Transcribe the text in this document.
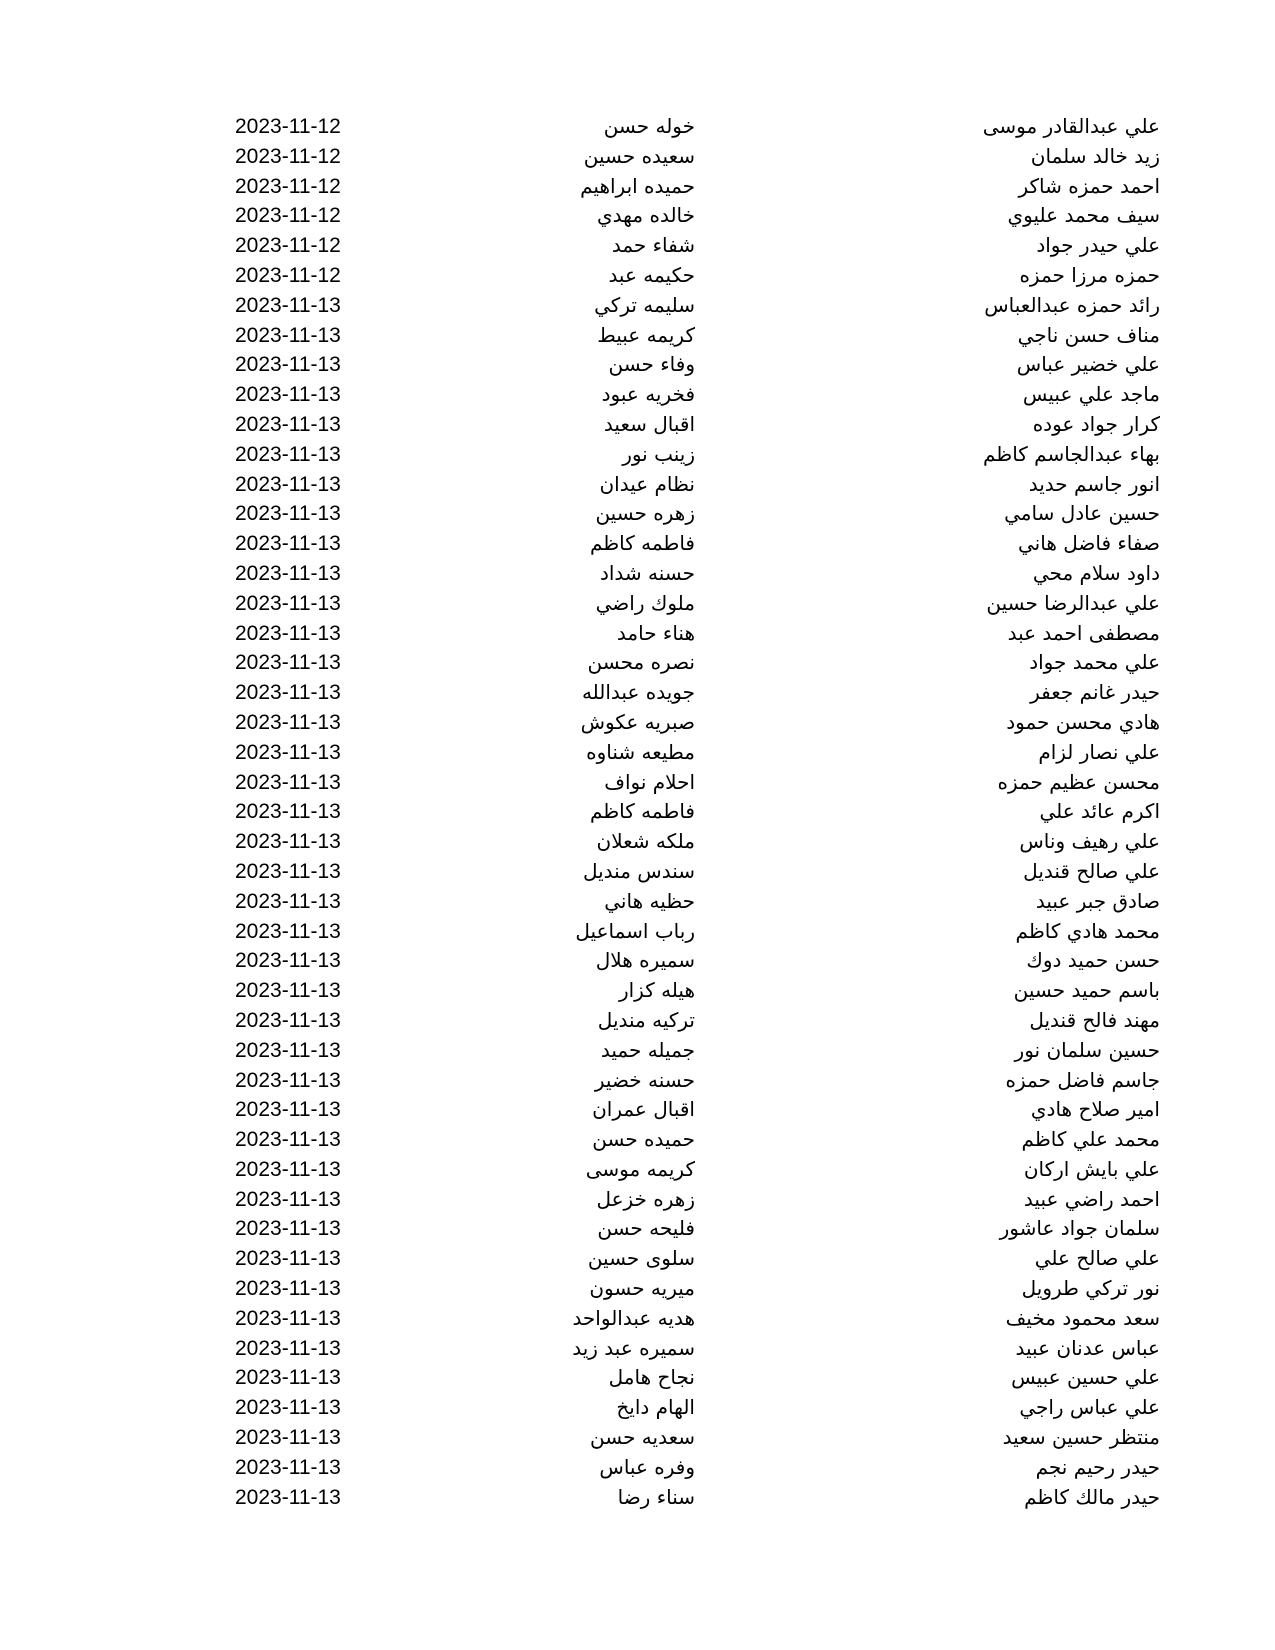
علي عبدالقادر موسى
خوله حسن
2023-11-12
زيد خالد سلمان
سعيده حسين
2023-11-12
احمد حمزه شاكر
حميده ابراهيم
2023-11-12
سيف محمد عليوي
خالده مهدي
2023-11-12
علي حيدر جواد
شفاء حمد
2023-11-12
حمزه مرزا حمزه
حكيمه عبد
2023-11-12
رائد حمزه عبدالعباس
سليمه تركي
2023-11-13
مناف حسن ناجي
كريمه عبيط
2023-11-13
علي خضير عباس
وفاء حسن
2023-11-13
ماجد علي عبيس
فخريه عبود
2023-11-13
كرار جواد عوده
اقبال سعيد
2023-11-13
بهاء عبدالجاسم كاظم
زينب نور
2023-11-13
انور جاسم حديد
نظام عيدان
2023-11-13
حسين عادل سامي
زهره حسين
2023-11-13
صفاء فاضل هاني
فاطمه كاظم
2023-11-13
داود سلام محي
حسنه شداد
2023-11-13
علي عبدالرضا حسين
ملوك راضي
2023-11-13
مصطفى احمد عبد
هناء حامد
2023-11-13
علي محمد جواد
نصره محسن
2023-11-13
حيدر غانم جعفر
جويده عبدالله
2023-11-13
هادي محسن حمود
صبريه عكوش
2023-11-13
علي نصار لزام
مطيعه شناوه
2023-11-13
محسن عظيم حمزه
احلام نواف
2023-11-13
اكرم عائد علي
فاطمه كاظم
2023-11-13
علي رهيف وناس
ملكه شعلان
2023-11-13
علي صالح قنديل
سندس منديل
2023-11-13
صادق جبر عبيد
حظيه هاني
2023-11-13
محمد هادي كاظم
رباب اسماعيل
2023-11-13
حسن حميد دوك
سميره هلال
2023-11-13
باسم حميد حسين
هيله كزار
2023-11-13
مهند فالح قنديل
تركيه منديل
2023-11-13
حسين سلمان نور
جميله حميد
2023-11-13
جاسم فاضل حمزه
حسنه خضير
2023-11-13
امير صلاح هادي
اقبال عمران
2023-11-13
محمد علي كاظم
حميده حسن
2023-11-13
علي بايش اركان
كريمه موسى
2023-11-13
احمد راضي عبيد
زهره خزعل
2023-11-13
سلمان جواد عاشور
فليحه حسن
2023-11-13
علي صالح علي
سلوى حسين
2023-11-13
نور تركي طرويل
ميريه حسون
2023-11-13
سعد محمود مخيف
هديه عبدالواحد
2023-11-13
عباس عدنان عبيد
سميره عبد زيد
2023-11-13
علي حسين عبيس
نجاح هامل
2023-11-13
علي عباس راجي
الهام دايخ
2023-11-13
منتظر حسين سعيد
سعديه حسن
2023-11-13
حيدر رحيم نجم
وفره عباس
2023-11-13
حيدر مالك كاظم
سناء رضا
2023-11-13
